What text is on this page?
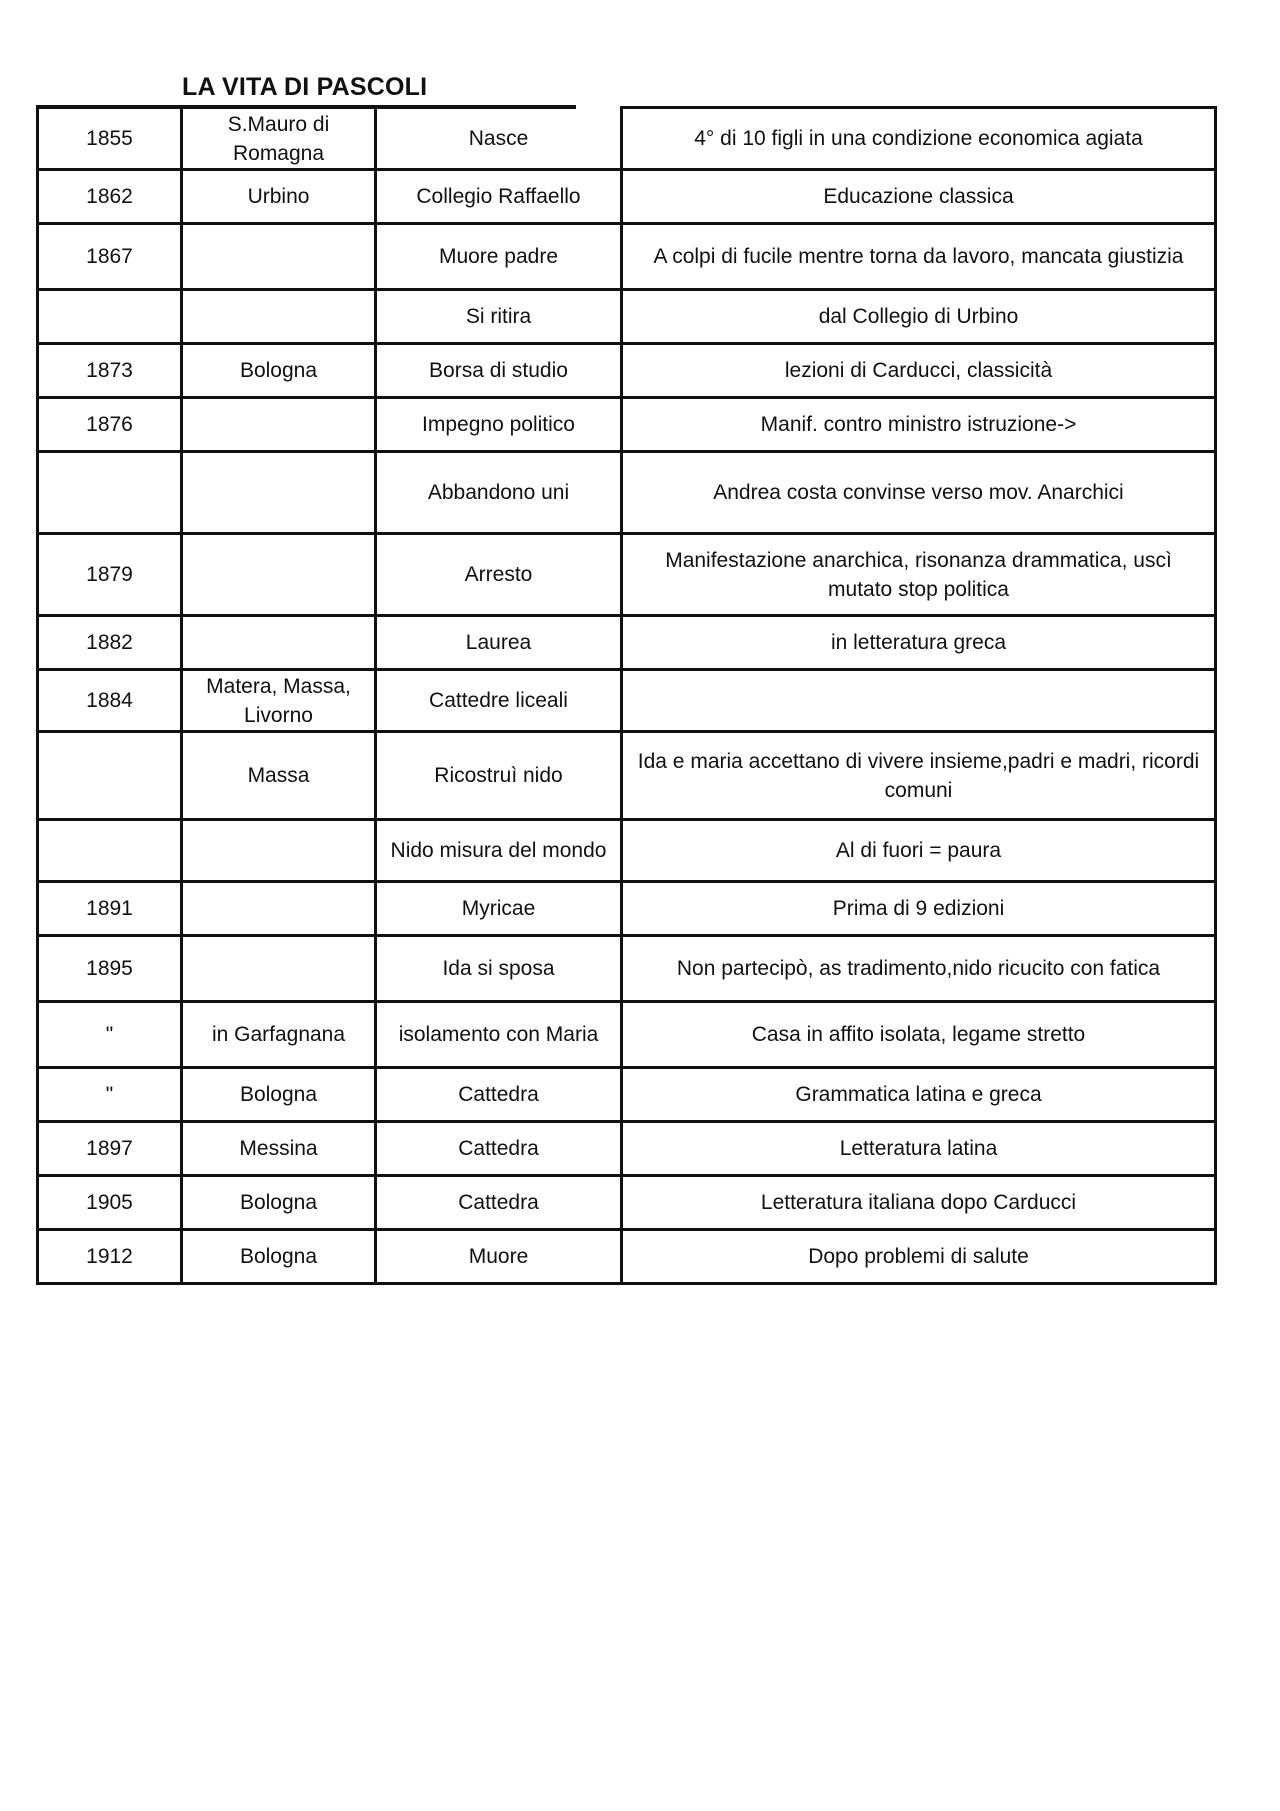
LA VITA DI PASCOLI
1855	S.Mauro di Romagna	Nasce	4° di 10 figli in una condizione economica agiata
1862	Urbino	Collegio Raffaello	Educazione classica
1867		Muore padre	A colpi di fucile mentre torna da lavoro, mancata giustizia
		Si ritira	dal Collegio di Urbino
1873	Bologna	Borsa di studio	lezioni di Carducci, classicità
1876		Impegno politico	Manif. contro ministro istruzione->
		Abbandono uni	Andrea costa convinse verso mov. Anarchici
1879		Arresto	Manifestazione anarchica, risonanza drammatica, uscì mutato stop politica
1882		Laurea	in letteratura greca
1884	Matera, Massa, Livorno	Cattedre liceali	
	Massa	Ricostruì nido	Ida e maria accettano di vivere insieme,padri e madri, ricordi comuni
		Nido misura del mondo	Al di fuori = paura
1891		Myricae	Prima di 9 edizioni
1895		Ida si sposa	Non partecipò, as tradimento,nido ricucito con fatica
"	in Garfagnana	isolamento con Maria	Casa in affito isolata, legame stretto
"	Bologna	Cattedra	Grammatica latina e greca
1897	Messina	Cattedra	Letteratura latina
1905	Bologna	Cattedra	Letteratura italiana dopo Carducci
1912	Bologna	Muore	Dopo problemi di salute
